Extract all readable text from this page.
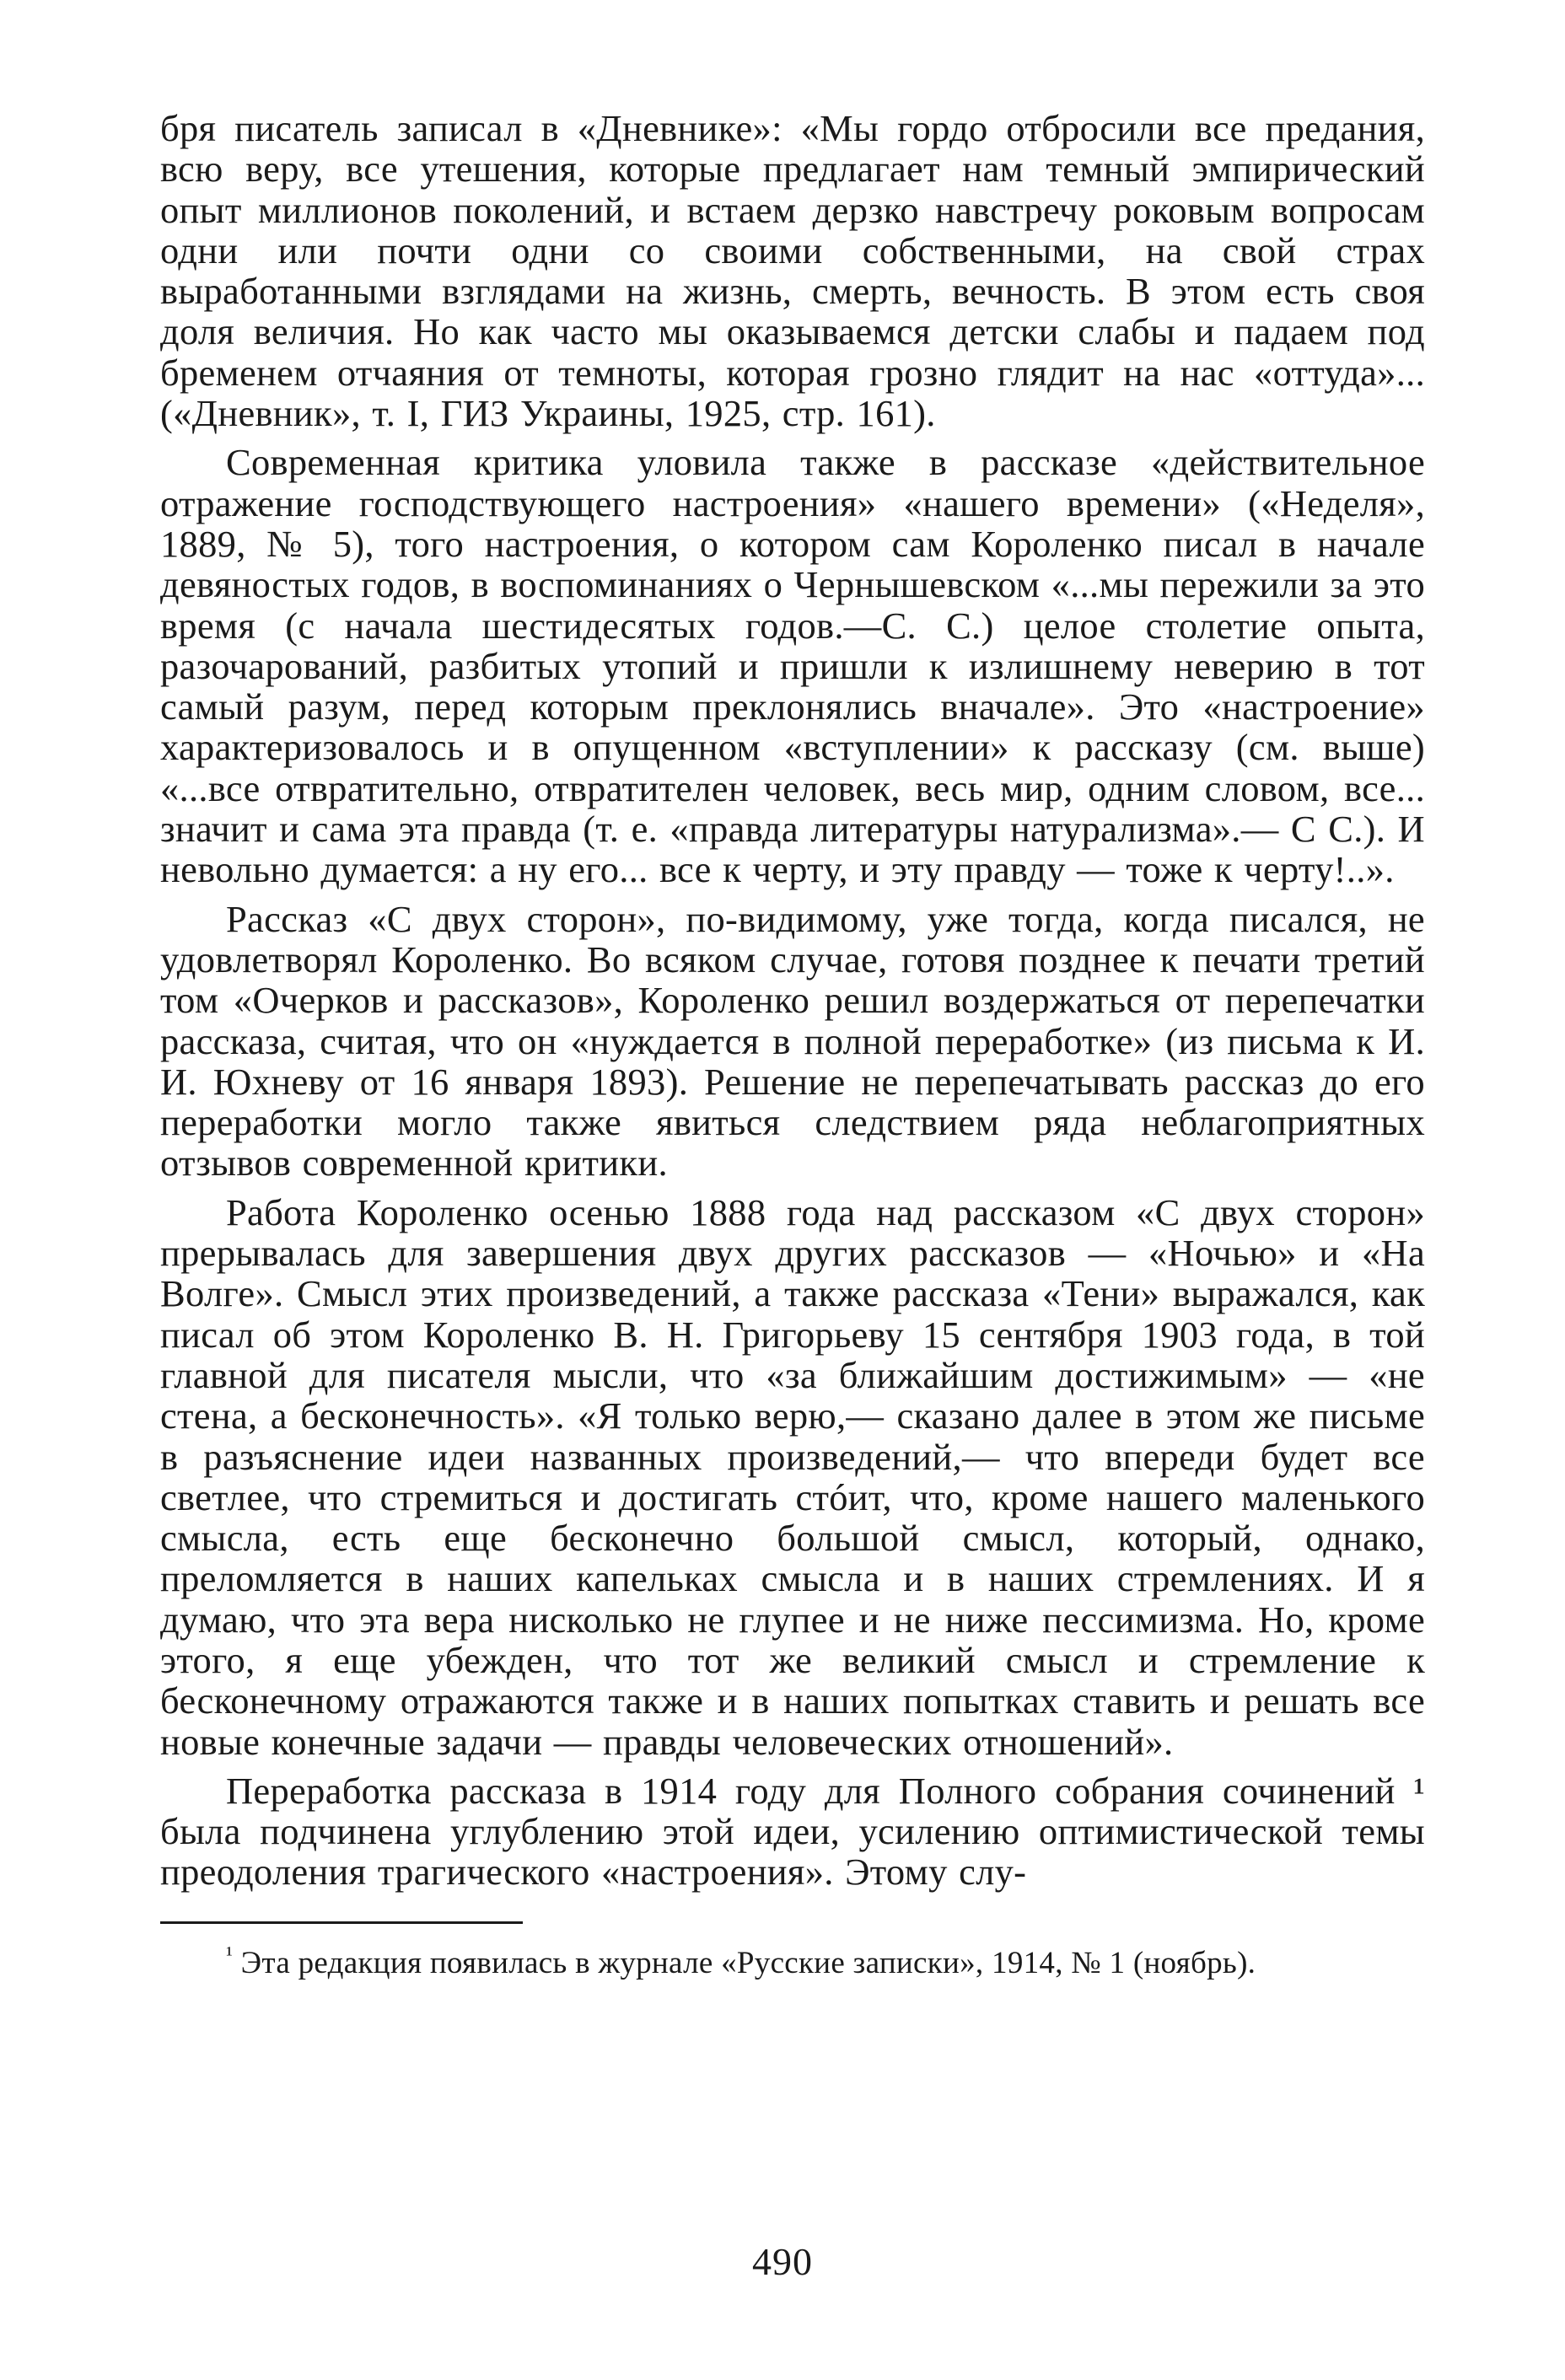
бря писатель записал в «Дневнике»: «Мы гордо отбросили все предания, всю веру, все утешения, которые предлагает нам темный эмпирический опыт миллионов поколений, и встаем дерзко навстречу роковым вопросам одни или почти одни со своими собственными, на свой страх выработанными взглядами на жизнь, смерть, вечность. В этом есть своя доля величия. Но как часто мы оказываемся детски слабы и падаем под бременем отчаяния от темноты, которая грозно глядит на нас «оттуда»... («Дневник», т. I, ГИЗ Украины, 1925, стр. 161).

Современная критика уловила также в рассказе «действительное отражение господствующего настроения» «нашего времени» («Неделя», 1889, № 5), того настроения, о котором сам Короленко писал в начале девяностых годов, в воспоминаниях о Чернышевском «...мы пережили за это время (с начала шестидесятых годов.—С. С.) целое столетие опыта, разочарований, разбитых утопий и пришли к излишнему неверию в тот самый разум, перед которым преклонялись вначале». Это «настроение» характеризовалось и в опущенном «вступлении» к рассказу (см. выше) «...все отвратительно, отвратителен человек, весь мир, одним словом, все... значит и сама эта правда (т. е. «правда литературы натурализма».— С С.). И невольно думается: а ну его... все к черту, и эту правду — тоже к черту!..».

Рассказ «С двух сторон», по-видимому, уже тогда, когда писался, не удовлетворял Короленко. Во всяком случае, готовя позднее к печати третий том «Очерков и рассказов», Короленко решил воздержаться от перепечатки рассказа, считая, что он «нуждается в полной переработке» (из письма к И. И. Юхневу от 16 января 1893). Решение не перепечатывать рассказ до его переработки могло также явиться следствием ряда неблагоприятных отзывов современной критики.

Работа Короленко осенью 1888 года над рассказом «С двух сторон» прерывалась для завершения двух других рассказов — «Ночью» и «На Волге». Смысл этих произведений, а также рассказа «Тени» выражался, как писал об этом Короленко В. Н. Григорьеву 15 сентября 1903 года, в той главной для писателя мысли, что «за ближайшим достижимым» — «не стена, а бесконечность». «Я только верю,— сказано далее в этом же письме в разъяснение идеи названных произведений,— что впереди будет все светлее, что стремиться и достигать стóит, что, кроме нашего маленького смысла, есть еще бесконечно большой смысл, который, однако, преломляется в наших капельках смысла и в наших стремлениях. И я думаю, что эта вера нисколько не глупее и не ниже пессимизма. Но, кроме этого, я еще убежден, что тот же великий смысл и стремление к бесконечному отражаются также и в наших попытках ставить и решать все новые конечные задачи — правды человеческих отношений».

Переработка рассказа в 1914 году для Полного собрания сочинений ¹ была подчинена углублению этой идеи, усилению оптимистической темы преодоления трагического «настроения». Этому слу-

$^{^1}$ Эта редакция появилась в журнале «Русские записки», 1914, № 1 (ноябрь).

490
